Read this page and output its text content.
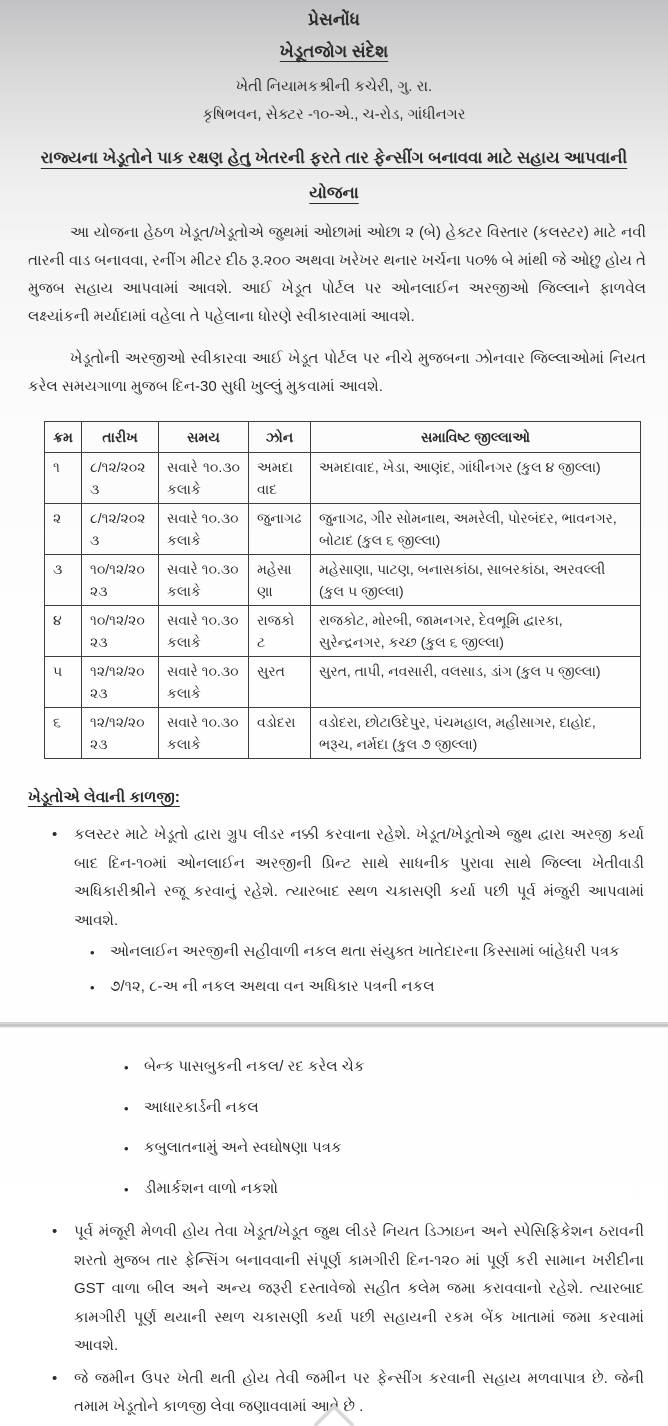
પ્રેસનોંધ
ખેડૂતજોગ સંદેશ
ખેતી નિયામકશ્રીની કચેરી, ગુ. રા.
કૃષિભવન, સેક્ટર -૧૦-એ., ચ-રોડ, ગાંધીનગર
રાજ્યના ખેડૂતોને પાક રક્ષણ હેતુ ખેતરની ફરતે તાર ફેન્સીંગ બનાવવા માટે સહાય આપવાની યોજના

આ યોજના હેઠળ ખેડૂત/ખેડૂતોએ જુથમાં ઓછામાં ઓછા ૨ (બે) હેક્ટર વિસ્તાર (કલસ્ટર) માટે નવી તારની વાડ બનાવવા, રનીંગ મીટર દીઠ રૂ.૨૦૦ અથવા ખરેખર થનાર ખર્ચના ૫૦% બે માંથી જે ઓછુ હોય તે મુજબ સહાય આપવામાં આવશે. આઈ ખેડૂત પોર્ટલ પર ઓનલાઈન અરજીઓ જિલ્લાને ફાળવેલ લક્ષ્યાંકની મર્યાદામાં વહેલા તે પહેલાના ધોરણે સ્વીકારવામાં આવશે.

ખેડૂતોની અરજીઓ સ્વીકારવા આઈ ખેડૂત પોર્ટલ પર નીચે મુજબના ઝોનવાર જિલ્લાઓમાં નિયત કરેલ સમયગાળા મુજબ દિન-30 સુધી ખુલ્લું મુકવામાં આવશે.

ક્રમ	તારીખ	સમય	ઝોન	સમાવિષ્ટ જીલ્લાઓ
૧	૮/૧૨/૨૦૨૩	સવારે ૧૦.૩૦ કલાકે	અમદાવાદ	અમદાવાદ, ખેડા, આણંદ, ગાંધીનગર (કુલ ૪ જીલ્લા)
૨	૮/૧૨/૨૦૨૩	સવારે ૧૦.૩૦ કલાકે	જુનાગઢ	જુનાગઢ, ગીર સોમનાથ, અમરેલી, પોરબંદર, ભાવનગર, બોટાદ (કુલ ૬ જીલ્લા)
૩	૧૦/૧૨/૨૦૨૩	સવારે ૧૦.૩૦ કલાકે	મહેસાણા	મહેસાણા, પાટણ, બનાસકાંઠા, સાબરકાંઠા, અરવલ્લી (કુલ ૫ જીલ્લા)
૪	૧૦/૧૨/૨૦૨૩	સવારે ૧૦.૩૦ કલાકે	રાજકોટ	રાજકોટ, મોરબી, જામનગર, દેવભૂમિ દ્વારકા, સુરેન્દ્રનગર, કચ્છ (કુલ ૬ જીલ્લા)
૫	૧૨/૧૨/૨૦૨૩	સવારે ૧૦.૩૦ કલાકે	સુરત	સુરત, તાપી, નવસારી, વલસાડ, ડાંગ (કુલ ૫ જીલ્લા)
૬	૧૨/૧૨/૨૦૨૩	સવારે ૧૦.૩૦ કલાકે	વડોદરા	વડોદરા, છોટાઉદેપુર, પંચમહાલ, મહીસાગર, દાહોદ, ભરૂચ, નર્મદા (કુલ ૭ જીલ્લા)
ખેડૂતોએ લેવાની કાળજી:
•	કલસ્ટર માટે ખેડૂતો દ્વારા ગ્રુપ લીડર નક્કી કરવાના રહેશે. ખેડૂત/ખેડૂતોએ જુથ દ્વારા અરજી કર્યા બાદ દિન-૧૦માં ઓનલાઈન અરજીની પ્રિન્ટ સાથે સાધનીક પુરાવા સાથે જિલ્લા ખેતીવાડી અધિકારીશ્રીને રજૂ કરવાનું રહેશે. ત્યારબાદ સ્થળ ચકાસણી કર્યા પછી પૂર્વ મંજુરી આપવામાં આવશે.
•	ઓનલાઈન અરજીની સહીવાળી નકલ થતા સંયુક્ત ખાતેદારના કિસ્સામાં બાંહેધરી પત્રક
•	૭/૧૨, ૮-અ ની નકલ અથવા વન અધિકાર પત્રની નકલ
•	બેન્ક પાસબુકની નકલ/ રદ કરેલ ચેક
•	આધારકાર્ડની નકલ
•	કબુલાતનામું અને સ્વઘોષણા પત્રક
•	ડીમાર્કશન વાળો નકશો
•	પૂર્વ મંજૂરી મેળવી હોય તેવા ખેડૂત/ખેડૂત જુથ લીડરે નિયત ડિઝાઇન અને સ્પેસિફિકેશન ઠરાવની શરતો મુજબ તાર ફેન્સિંગ બનાવવાની સંપૂર્ણ કામગીરી દિન-૧૨૦ માં પૂર્ણ કરી સામાન ખરીદીના GST વાળા બીલ અને અન્ય જરૂરી દસ્તાવેજો સહીત કલેમ જમા કરાવવાનો રહેશે. ત્યારબાદ કામગીરી પૂર્ણ થયાની સ્થળ ચકાસણી કર્યા પછી સહાયની રકમ બેંક ખાતામાં જમા કરવામાં આવશે.
•	જે જમીન ઉપર ખેતી થતી હોય તેવી જમીન પર ફેન્સીંગ કરવાની સહાય મળવાપાત્ર છે. જેની તમામ ખેડૂતોને કાળજી લેવા જણાવવામાં આવે છે .
